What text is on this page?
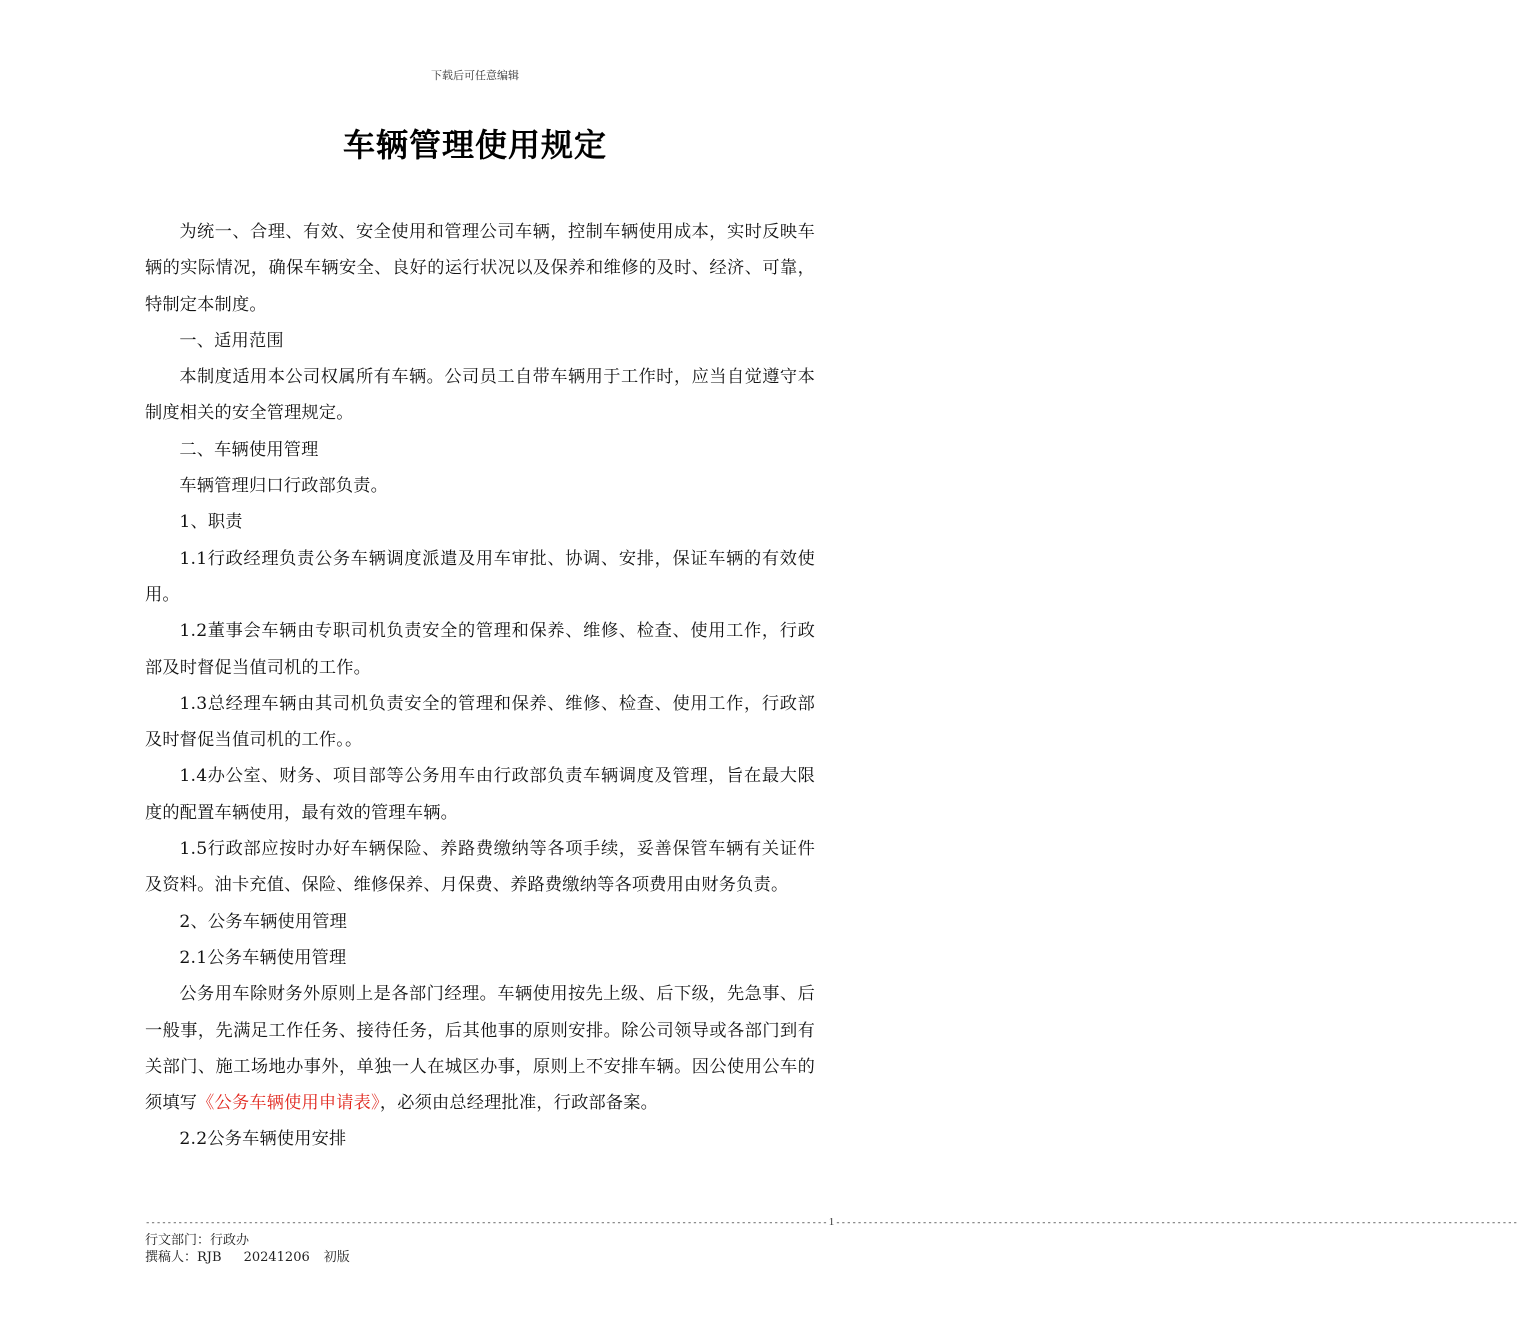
下载后可任意编辑
车辆管理使用规定

为统一、合理、有效、安全使用和管理公司车辆，控制车辆使用成本，实时反映车辆的实际情况，确保车辆安全、良好的运行状况以及保养和维修的及时、经济、可靠，特制定本制度。

一、适用范围

本制度适用本公司权属所有车辆。公司员工自带车辆用于工作时，应当自觉遵守本制度相关的安全管理规定。

二、车辆使用管理

车辆管理归口行政部负责。

1、职责

1.1行政经理负责公务车辆调度派遣及用车审批、协调、安排，保证车辆的有效使用。

1.2董事会车辆由专职司机负责安全的管理和保养、维修、检查、使用工作，行政部及时督促当值司机的工作。

1.3总经理车辆由其司机负责安全的管理和保养、维修、检查、使用工作，行政部及时督促当值司机的工作。。

1.4办公室、财务、项目部等公务用车由行政部负责车辆调度及管理，旨在最大限度的配置车辆使用，最有效的管理车辆。

1.5行政部应按时办好车辆保险、养路费缴纳等各项手续，妥善保管车辆有关证件及资料。油卡充值、保险、维修保养、月保费、养路费缴纳等各项费用由财务负责。

2、公务车辆使用管理

2.1公务车辆使用管理

公务用车除财务外原则上是各部门经理。车辆使用按先上级、后下级，先急事、后一般事，先满足工作任务、接待任务，后其他事的原则安排。除公司领导或各部门到有关部门、施工场地办事外，单独一人在城区办事，原则上不安排车辆。因公使用公车的须填写《公务车辆使用申请表》，必须由总经理批准，行政部备案。

2.2公务车辆使用安排

------------------------------------------------------------------------------------------------------------------------------ 1 ------------------------------------------------------------------------------------------------------------------------------
行文部门：行政办
撰稿人：RJB 20241206 初版
